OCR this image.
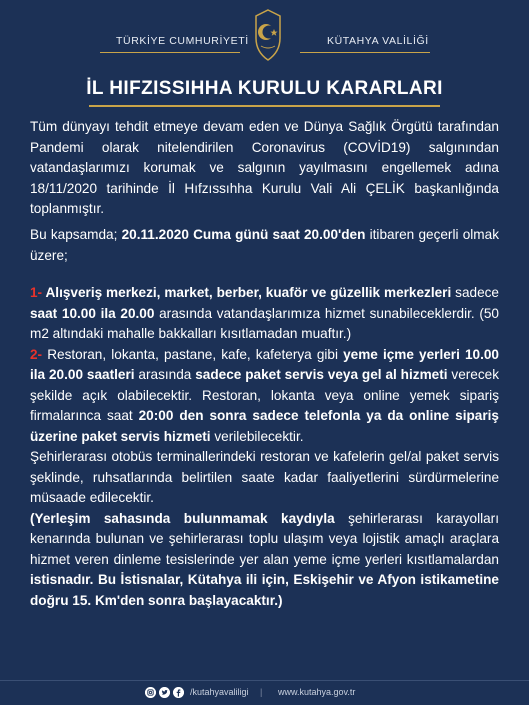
TÜRKİYE CUMHURİYETİ	KÜTAHYA VALİLİĞİ
İL HIFZISSIHHA KURULU KARARLARI

Tüm dünyayı tehdit etmeye devam eden ve Dünya Sağlık Örgütü tarafından Pandemi olarak nitelendirilen Coronavirus (COVİD19) salgınından vatandaşlarımızı korumak ve salgının yayılmasını engellemek adına 18/11/2020 tarihinde İl Hıfzıssıhha Kurulu Vali Ali ÇELİK başkanlığında toplanmıştır.

Bu kapsamda; 20.11.2020 Cuma günü saat 20.00'den itibaren geçerli olmak üzere;

1- Alışveriş merkezi, market, berber, kuaför ve güzellik merkezleri sadece saat 10.00 ila 20.00 arasında vatandaşlarımıza hizmet sunabileceklerdir. (50 m2 altındaki mahalle bakkalları kısıtlamadan muaftır.)

2- Restoran, lokanta, pastane, kafe, kafeterya gibi yeme içme yerleri 10.00 ila 20.00 saatleri arasında sadece paket servis veya gel al hizmeti verecek şekilde açık olabilecektir. Restoran, lokanta veya online yemek sipariş firmalarınca saat 20:00 den sonra sadece telefonla ya da online sipariş üzerine paket servis hizmeti verilebilecektir.

Şehirlerarası otobüs terminallerindeki restoran ve kafelerin gel/al paket servis şeklinde, ruhsatlarında belirtilen saate kadar faaliyetlerini sürdürmelerine müsaade edilecektir.

(Yerleşim sahasında bulunmamak kaydıyla şehirlerarası karayolları kenarında bulunan ve şehirlerarası toplu ulaşım veya lojistik amaçlı araçlara hizmet veren dinleme tesislerinde yer alan yeme içme yerleri kısıtlamalardan istisnadır. Bu İstisnalar, Kütahya ili için, Eskişehir ve Afyon istikametine doğru 15. Km'den sonra başlayacaktır.)

/kutahyavaliligi | www.kutahya.gov.tr
